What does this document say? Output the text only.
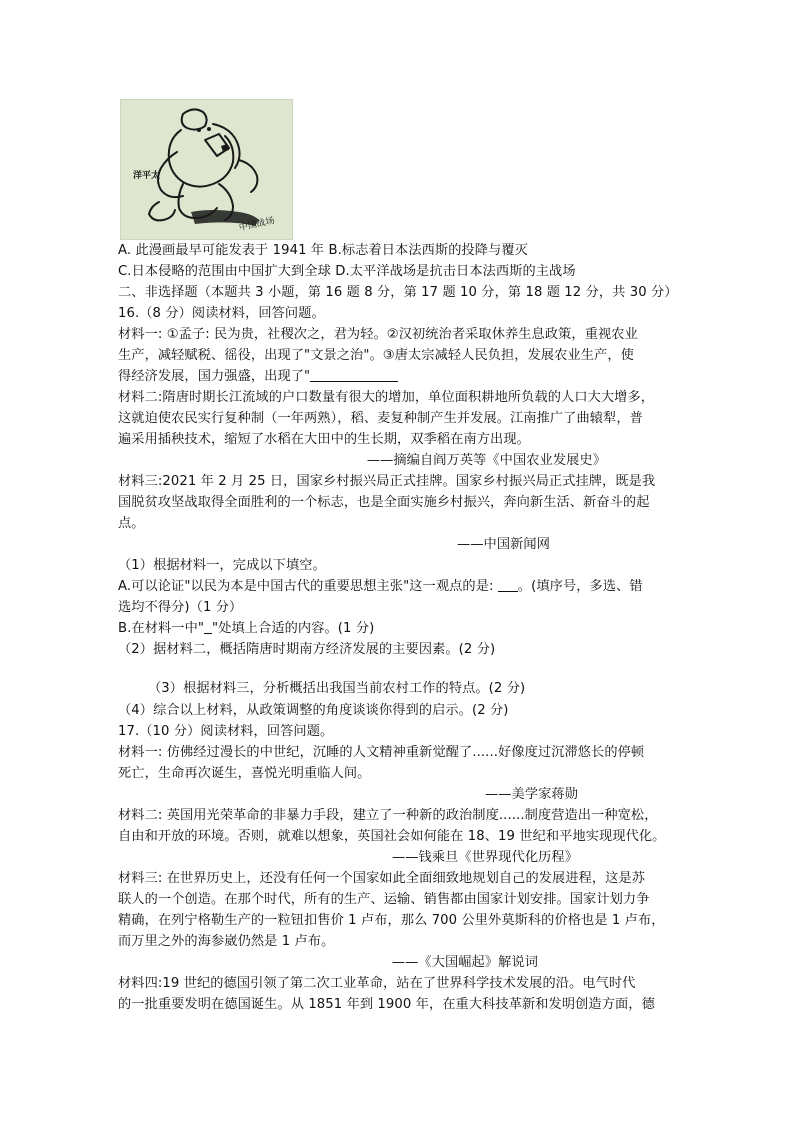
洋平太
中国战场
A. 此漫画最早可能发表于 1941 年 B.标志着日本法西斯的投降与覆灭
C.日本侵略的范围由中国扩大到全球 D.太平洋战场是抗击日本法西斯的主战场
二、非选择题（本题共 3 小题，第 16 题 8 分，第 17 题 10 分，第 18 题 12 分，共 30 分）
16.（8 分）阅读材料，回答问题。
材料一: ①孟子: 民为贵，社稷次之，君为轻。②汉初统治者采取休养生息政策，重视农业
生产，减轻赋税、徭役，出现了"文景之治"。③唐太宗减轻人民负担，发展农业生产，使
得经济发展，国力强盛，出现了"
材料二:隋唐时期长江流域的户口数量有很大的增加，单位面积耕地所负载的人口大大增多，
这就迫使农民实行复种制（一年两熟），稻、麦复种制产生并发展。江南推广了曲辕犁，普
遍采用插秧技术，缩短了水稻在大田中的生长期，双季稻在南方出现。
——摘编自阎万英等《中国农业发展史》
材料三:2021 年 2 月 25 日，国家乡村振兴局正式挂牌。国家乡村振兴局正式挂牌，既是我
国脱贫攻坚战取得全面胜利的一个标志，也是全面实施乡村振兴，奔向新生活、新奋斗的起
点。
——中国新闻网
（1）根据材料一，完成以下填空。
A.可以论证"以民为本是中国古代的重要思想主张"这一观点的是: 。(填序号，多选、错
选均不得分)（1 分）
B.在材料一中" "处填上合适的内容。(1 分)
（2）据材料二，概括隋唐时期南方经济发展的主要因素。(2 分)
（3）根据材料三，分析概括出我国当前农村工作的特点。(2 分)
（4）综合以上材料，从政策调整的角度谈谈你得到的启示。(2 分)
17.（10 分）阅读材料，回答问题。
材料一: 仿佛经过漫长的中世纪，沉睡的人文精神重新觉醒了......好像度过沉滞悠长的停顿
死亡，生命再次诞生，喜悦光明重临人间。
——美学家蒋勋
材料二: 英国用光荣革命的非暴力手段，建立了一种新的政治制度......制度营造出一种宽松，
自由和开放的环境。否则，就难以想象，英国社会如何能在 18、19 世纪和平地实现现代化。
——钱乘旦《世界现代化历程》
材料三: 在世界历史上，还没有任何一个国家如此全面细致地规划自己的发展进程，这是苏
联人的一个创造。在那个时代，所有的生产、运输、销售都由国家计划安排。国家计划力争
精确，在列宁格勒生产的一粒钮扣售价 1 卢布，那么 700 公里外莫斯科的价格也是 1 卢布，
而万里之外的海参崴仍然是 1 卢布。
——《大国崛起》解说词
材料四:19 世纪的德国引领了第二次工业革命，站在了世界科学技术发展的沿。电气时代
的一批重要发明在德国诞生。从 1851 年到 1900 年，在重大科技革新和发明创造方面，德
